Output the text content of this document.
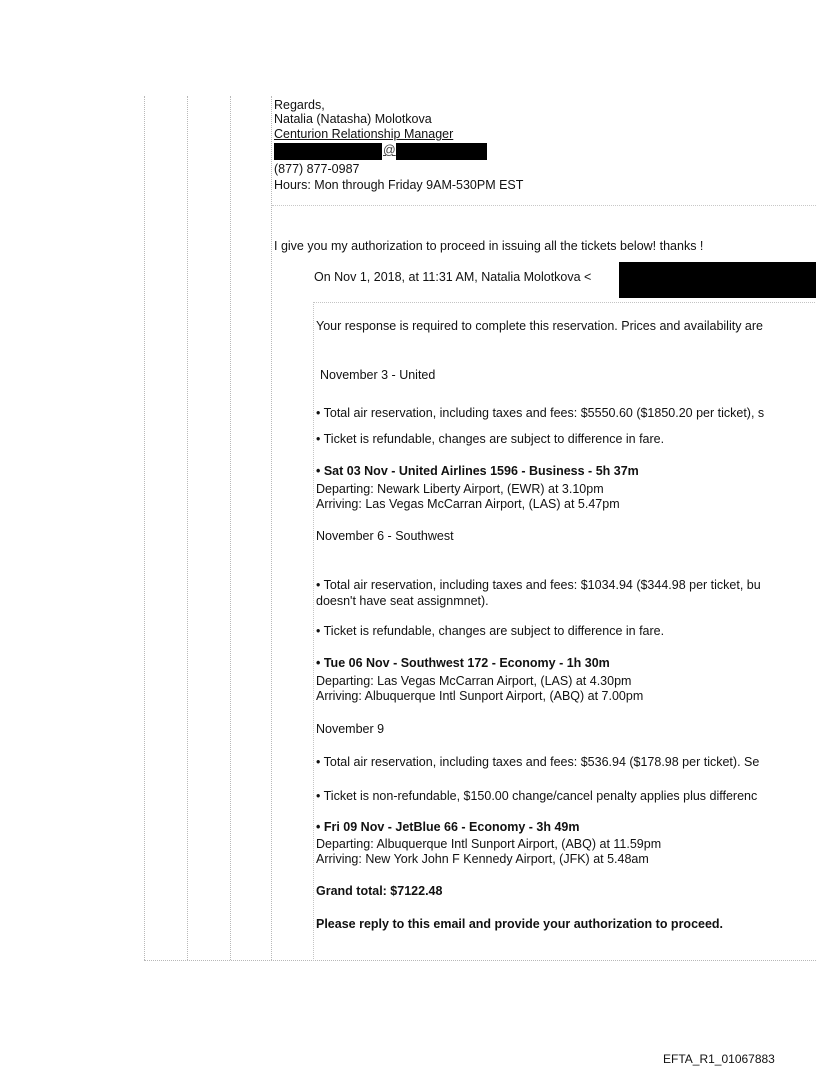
Regards,
Natalia (Natasha) Molotkova
Centurion Relationship Manager
@
(877) 877-0987
Hours: Mon through Friday 9AM-530PM EST
I give you my authorization to proceed in issuing all the tickets below! thanks !
On Nov 1, 2018, at 11:31 AM, Natalia Molotkova <
Your response is required to complete this reservation. Prices and availability are
November 3 - United
• Total air reservation, including taxes and fees: $5550.60 ($1850.20 per ticket), s
• Ticket is refundable, changes are subject to difference in fare.
• Sat 03 Nov - United Airlines 1596 - Business - 5h 37m
Departing: Newark Liberty Airport, (EWR) at 3.10pm
Arriving: Las Vegas McCarran Airport, (LAS) at 5.47pm
November 6 - Southwest
• Total air reservation, including taxes and fees: $1034.94 ($344.98 per ticket, bu
doesn't have seat assignmnet).
• Ticket is refundable, changes are subject to difference in fare.
• Tue 06 Nov - Southwest 172 - Economy - 1h 30m
Departing: Las Vegas McCarran Airport, (LAS) at 4.30pm
Arriving: Albuquerque Intl Sunport Airport, (ABQ) at 7.00pm
November 9
• Total air reservation, including taxes and fees: $536.94 ($178.98 per ticket). Se
• Ticket is non-refundable, $150.00 change/cancel penalty applies plus differenc
• Fri 09 Nov - JetBlue 66 - Economy - 3h 49m
Departing: Albuquerque Intl Sunport Airport, (ABQ) at 11.59pm
Arriving: New York John F Kennedy Airport, (JFK) at 5.48am
Grand total: $7122.48
Please reply to this email and provide your authorization to proceed.
EFTA_R1_01067883
